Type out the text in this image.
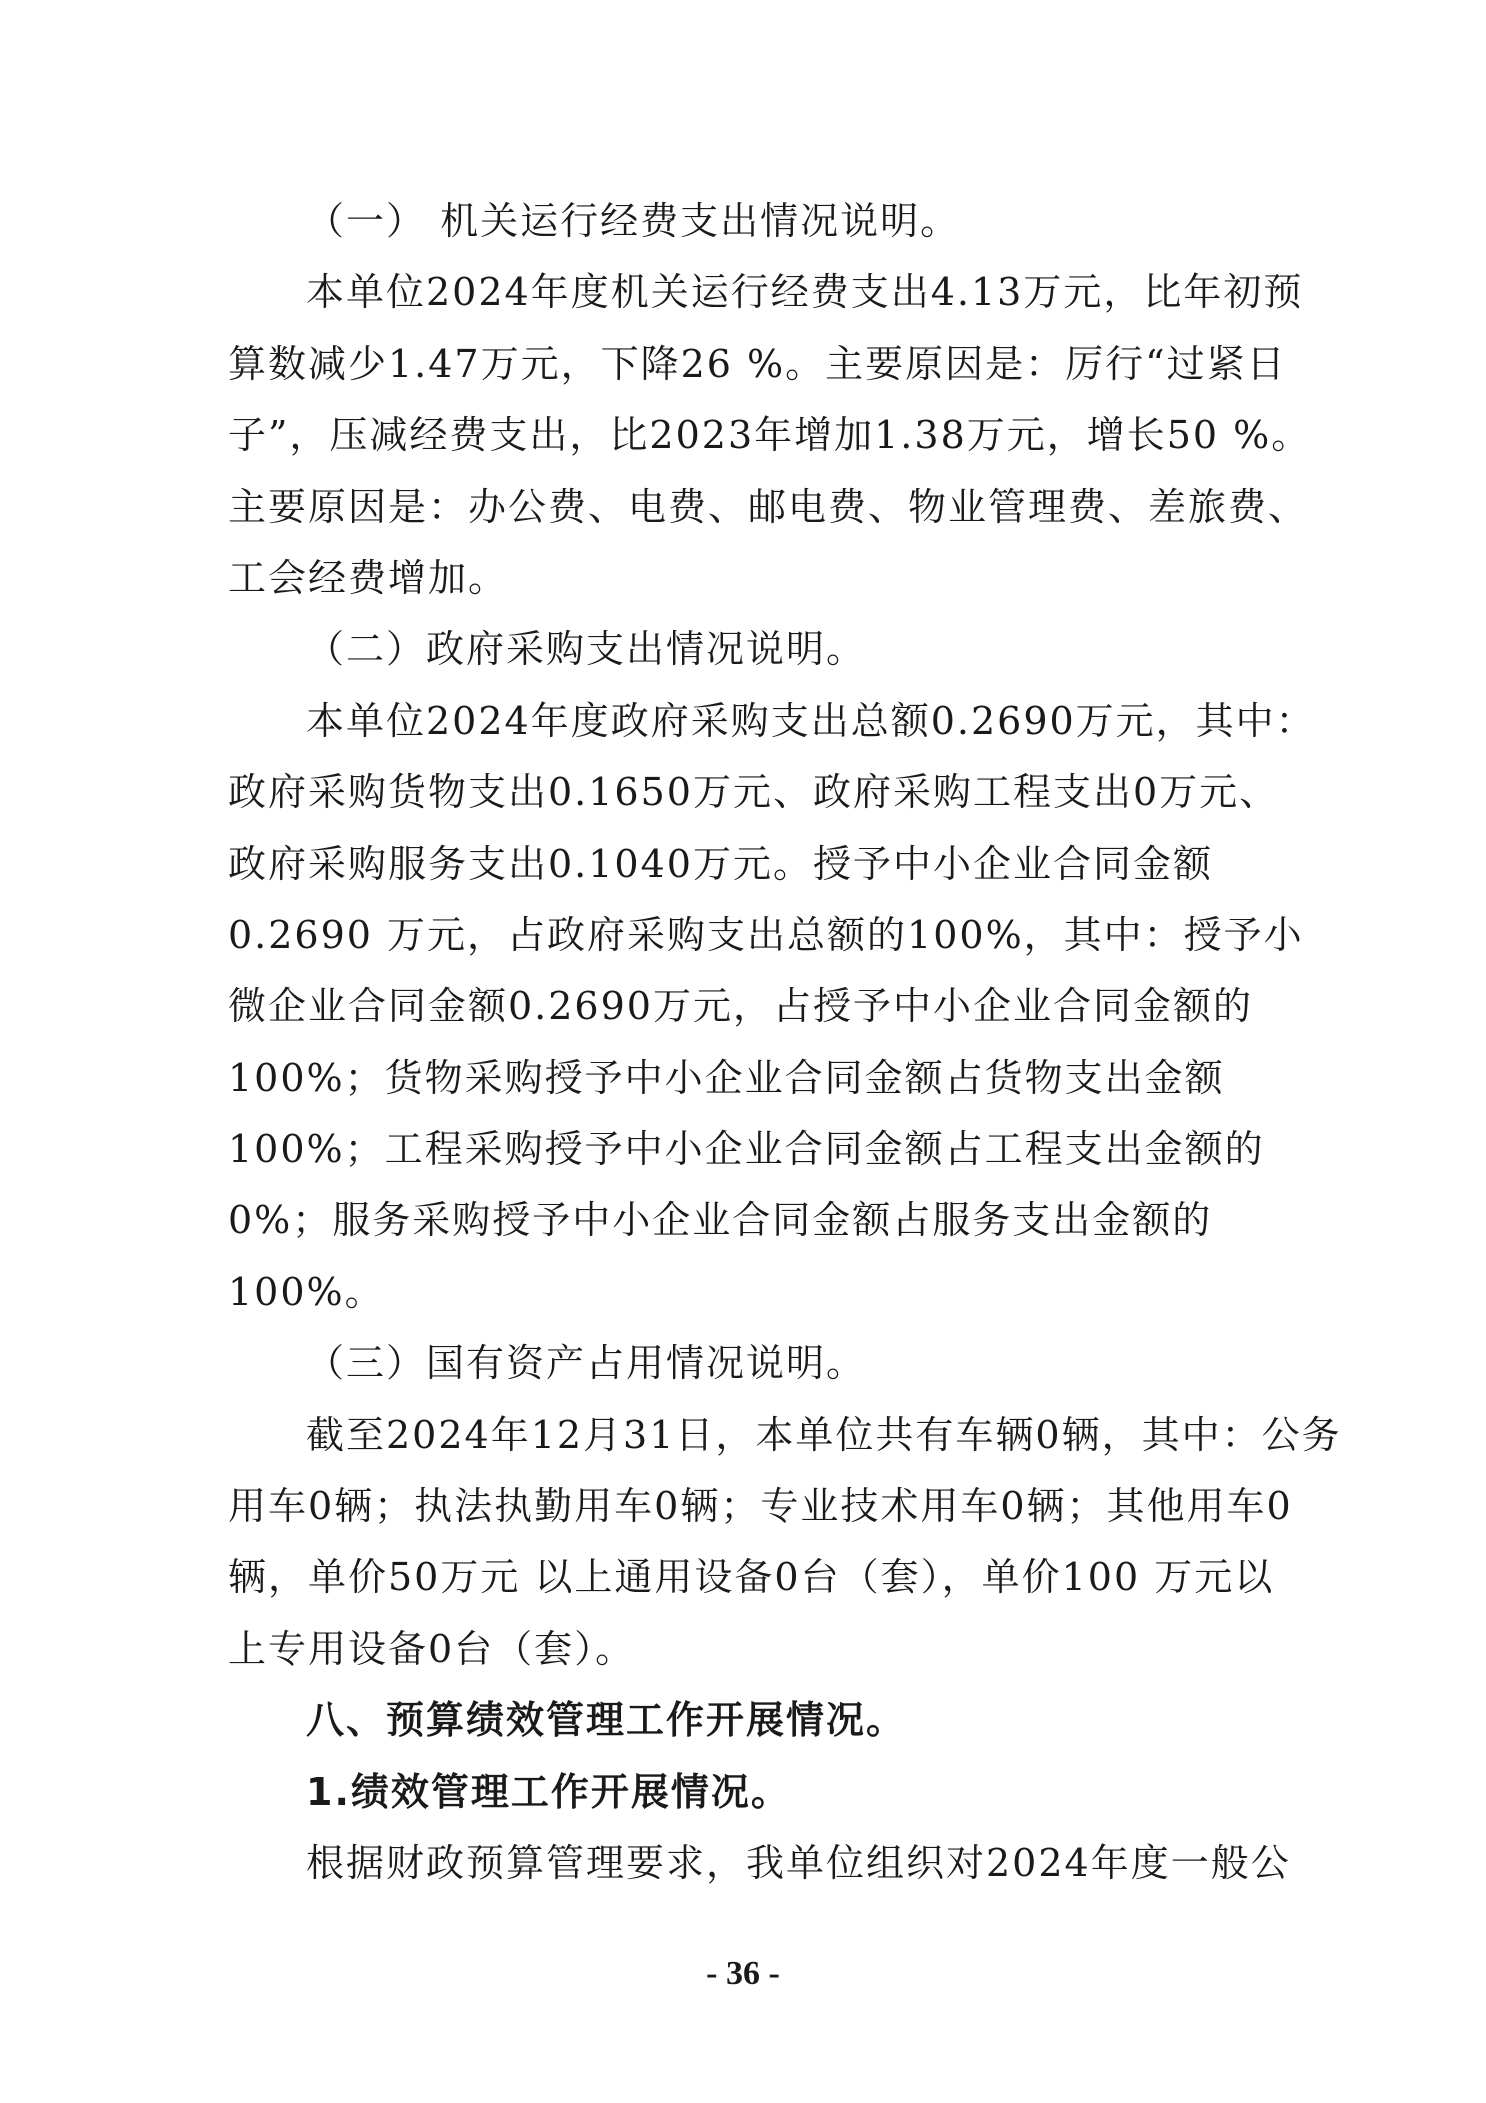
（一） 机关运行经费支出情况说明。
本单位2024年度机关运行经费支出4.13万元，比年初预
算数减少1.47万元，下降26 %。主要原因是：厉行“过紧日
子”，压减经费支出，比2023年增加1.38万元，增长50 %。
主要原因是：办公费、电费、邮电费、物业管理费、差旅费、
工会经费增加。
（二）政府采购支出情况说明。
本单位2024年度政府采购支出总额0.2690万元，其中：
政府采购货物支出0.1650万元、政府采购工程支出0万元、
政府采购服务支出0.1040万元。授予中小企业合同金额
0.2690 万元，占政府采购支出总额的100%，其中：授予小
微企业合同金额0.2690万元，占授予中小企业合同金额的
100%；货物采购授予中小企业合同金额占货物支出金额
100%；工程采购授予中小企业合同金额占工程支出金额的
0%；服务采购授予中小企业合同金额占服务支出金额的
100%。
（三）国有资产占用情况说明。
截至2024年12月31日，本单位共有车辆0辆，其中：公务
用车0辆；执法执勤用车0辆；专业技术用车0辆；其他用车0
辆，单价50万元 以上通用设备0台（套），单价100 万元以
上专用设备0台（套）。
八、预算绩效管理工作开展情况。
1.绩效管理工作开展情况。
根据财政预算管理要求，我单位组织对2024年度一般公
- 36 -
